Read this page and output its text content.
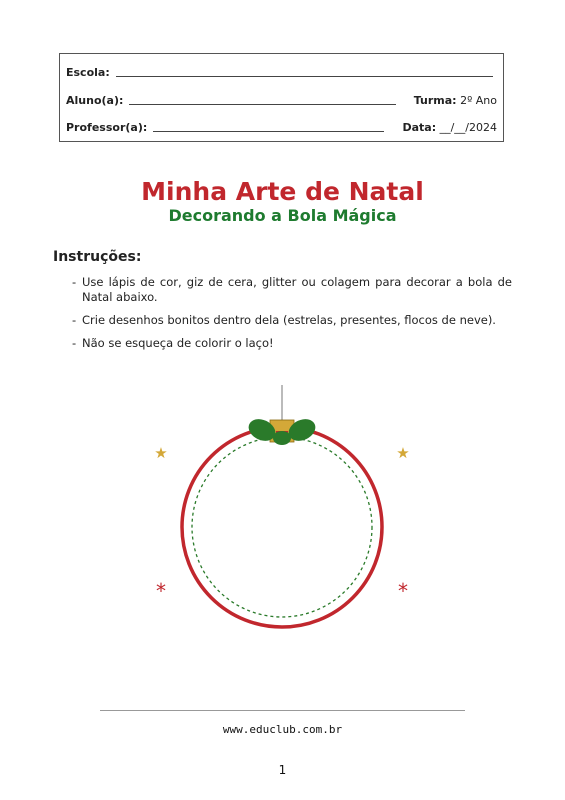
Escola:
Aluno(a):	Turma: 2º Ano
Professor(a):	Data: __/__/2024
Minha Arte de Natal
Decorando a Bola Mágica
Instruções:
- Use lápis de cor, giz de cera, glitter ou colagem para decorar a bola de Natal abaixo.
- Crie desenhos bonitos dentro dela (estrelas, presentes, flocos de neve).
- Não se esqueça de colorir o laço!
★	★
*	*
www.educlub.com.br
1
